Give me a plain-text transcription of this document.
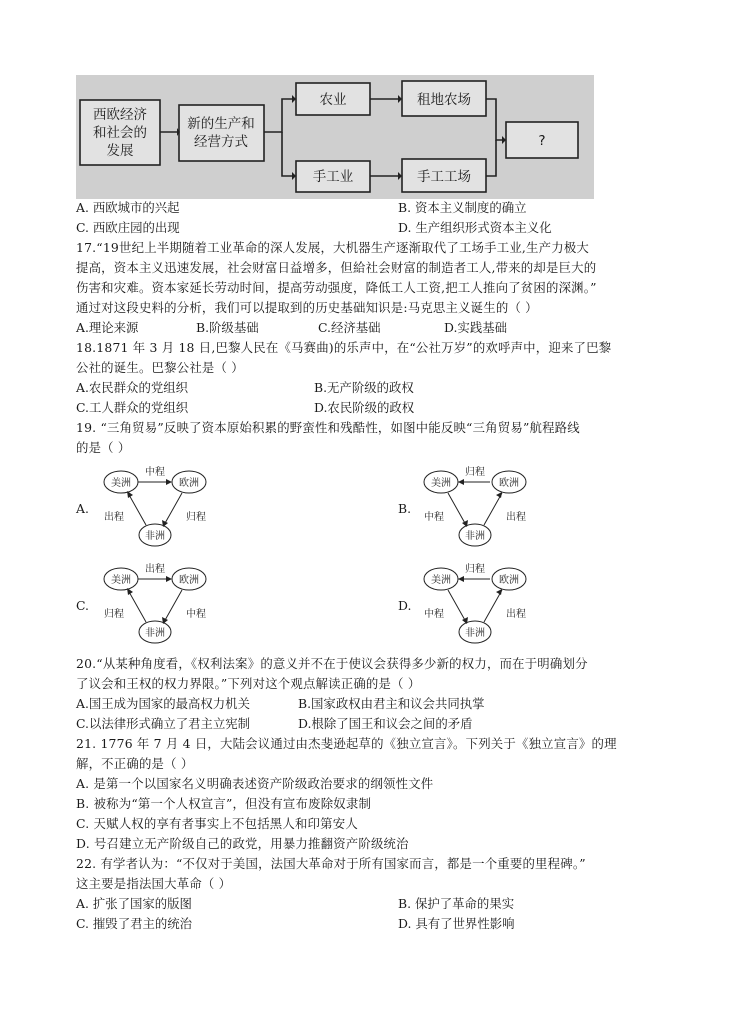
西欧经济
和社会的
发展
新的生产和
经营方式
农业	租地农场
手工业	手工工场
?
A. 西欧城市的兴起	B. 资本主义制度的确立
C. 西欧庄园的出现	D. 生产组织形式资本主义化
17.“19世纪上半期随着工业革命的深人发展，大机器生产逐渐取代了工场手工业,生产力极大
提高，资本主义迅速发展，社会财富日益增多，但給社会财富的制造者工人,带来的却是巨大的
伤害和灾难。资本家延长劳动时间，提高劳动强度，降低工人工资,把工人推向了贫困的深渊。”
通过对这段史料的分析，我们可以提取到的历史基础知识是:马克思主义诞生的（ ）
A.理论来源	B.阶级基础	C.经济基础	D.实践基础
18.1871 年 3 月 18 日,巴黎人民在《马赛曲)的乐声中，在“公社万岁”的欢呼声中，迎来了巴黎
公社的诞生。巴黎公社是（ ）
A.农民群众的党组织	B.无产阶级的政权
C.工人群众的党组织	D.农民阶级的政权
19. “三角贸易”反映了资本原始积累的野蛮性和残酷性，如图中能反映“三角贸易”航程路线
的是（ ）
A.
美洲	欧洲
非洲
中程
出程	归程
B.
美洲	欧洲
非洲
归程
中程	出程
C.
美洲	欧洲
非洲
出程
归程	中程
D.
美洲	欧洲
非洲
归程
中程	出程
20.“从某种角度看，《权利法案》的意义并不在于使议会获得多少新的权力，而在于明确划分
了议会和王权的权力界限。”下列对这个观点解读正确的是（ ）
A.国王成为国家的最高权力机关	B.国家政权由君主和议会共同执掌
C.以法律形式确立了君主立宪制	D.根除了国王和议会之间的矛盾
21. 1776 年 7 月 4 日，大陆会议通过由杰斐逊起草的《独立宣言》。下列关于《独立宣言》的理
解，不正确的是（ ）
A. 是第一个以国家名义明确表述资产阶级政治要求的纲领性文件
B. 被称为“第一个人权宣言”，但没有宣布废除奴隶制
C. 天赋人权的享有者事实上不包括黑人和印第安人
D. 号召建立无产阶级自己的政党，用暴力推翻资产阶级统治
22. 有学者认为：“不仅对于美国，法国大革命对于所有国家而言，都是一个重要的里程碑。”
这主要是指法国大革命（ ）
A. 扩张了国家的版图	B. 保护了革命的果实
C. 摧毁了君主的统治	D. 具有了世界性影响
